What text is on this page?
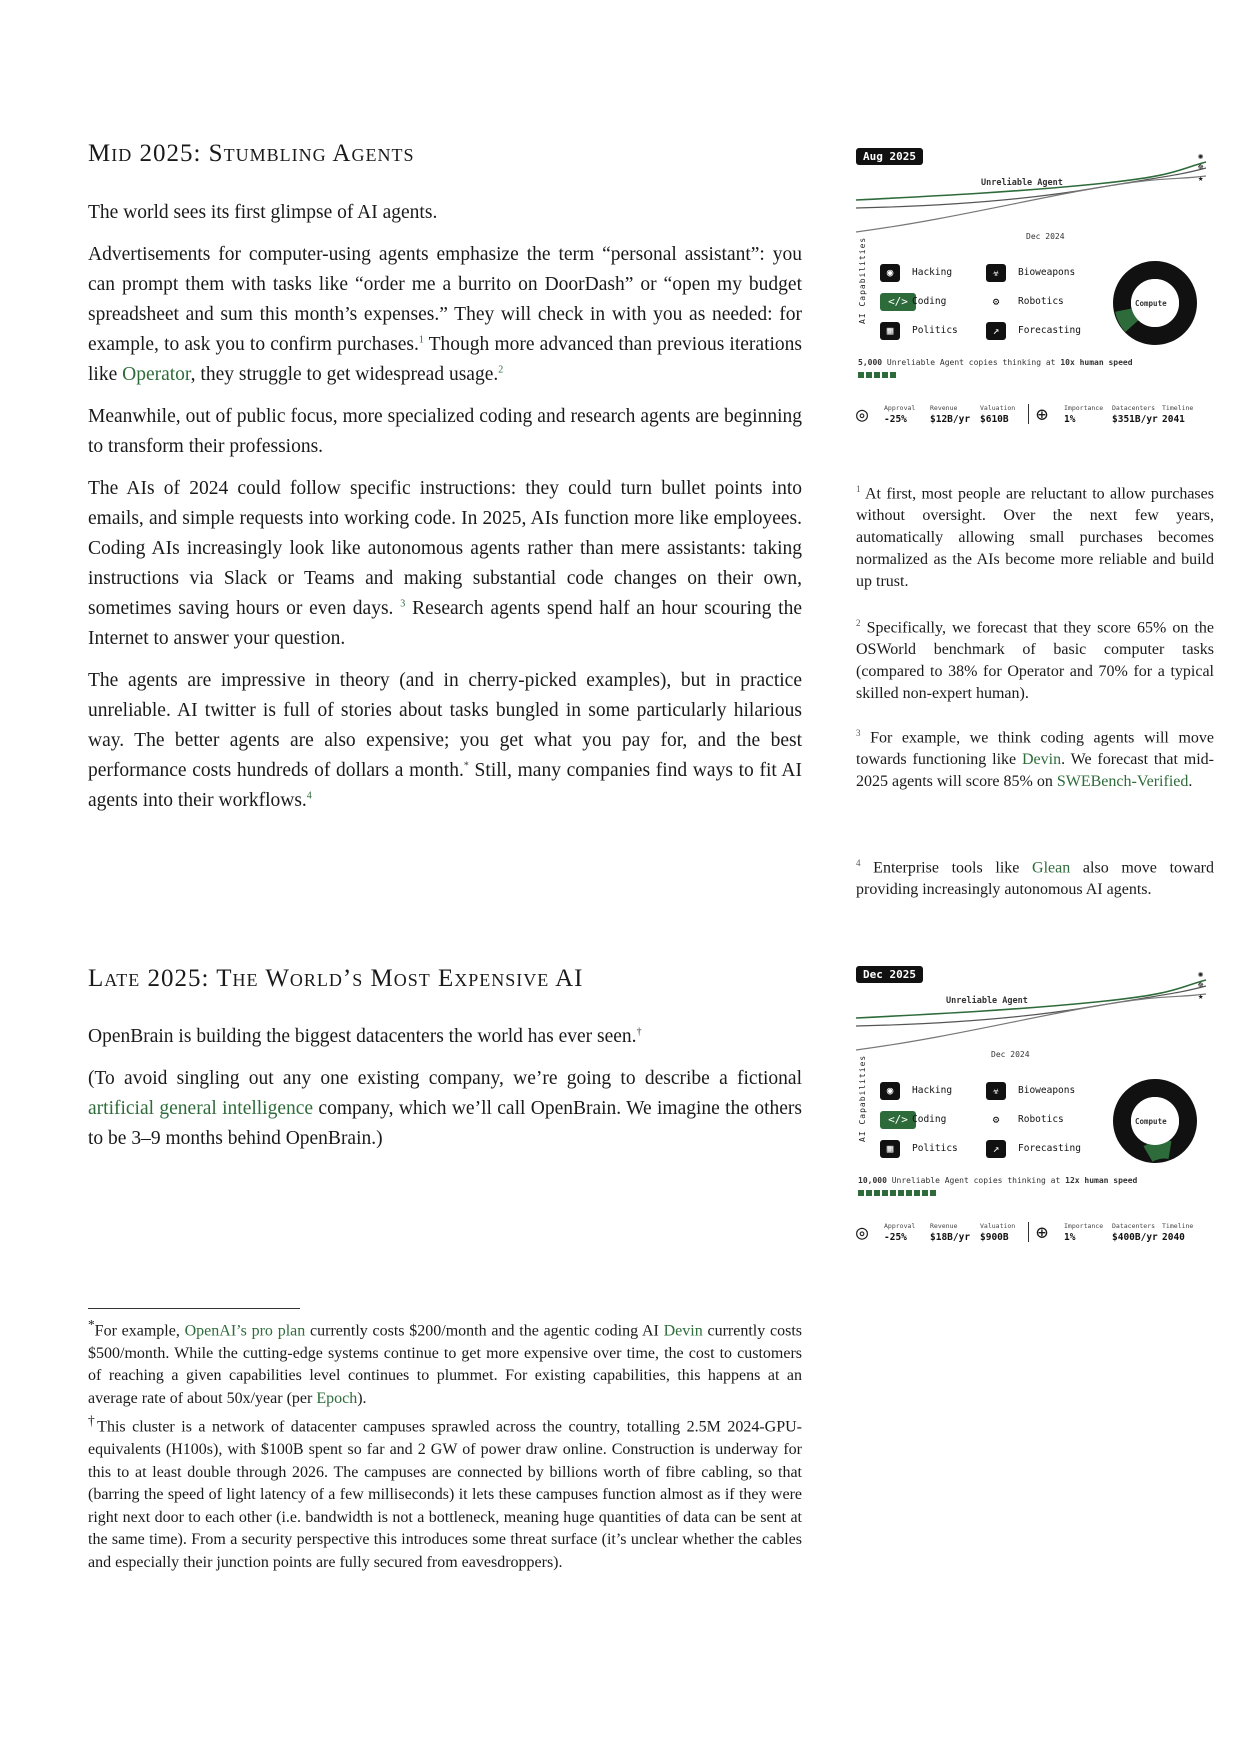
Mid 2025: Stumbling Agents

The world sees its first glimpse of AI agents.

Advertisements for computer-using agents emphasize the term “personal assistant”: you can prompt them with tasks like “order me a burrito on DoorDash” or “open my budget spreadsheet and sum this month’s expenses.” They will check in with you as needed: for example, to ask you to confirm purchases.$^1$ Though more advanced than previous iterations like Operator, they struggle to get widespread usage.$^2$

Meanwhile, out of public focus, more specialized coding and research agents are beginning to transform their professions.

The AIs of 2024 could follow specific instructions: they could turn bullet points into emails, and simple requests into working code. In 2025, AIs function more like employees. Coding AIs increasingly look like autonomous agents rather than mere assistants: taking instructions via Slack or Teams and making substantial code changes on their own, sometimes saving hours or even days. $^3$ Research agents spend half an hour scouring the Internet to answer your question.

The agents are impressive in theory (and in cherry-picked examples), but in practice unreliable. AI twitter is full of stories about tasks bungled in some particularly hilarious way. The better agents are also expensive; you get what you pay for, and the best performance costs hundreds of dollars a month.* Still, many companies find ways to fit AI agents into their workflows.$^4$

$^1$ At first, most people are reluctant to allow purchases without oversight. Over the next few years, automatically allowing small purchases becomes normalized as the AIs become more reliable and build up trust.

$^2$ Specifically, we forecast that they score 65% on the OSWorld benchmark of basic computer tasks (compared to 38% for Operator and 70% for a typical skilled non-expert human).

$^3$ For example, we think coding agents will move towards functioning like Devin. We forecast that mid-2025 agents will score 85% on SWEBench-Verified.

$^4$ Enterprise tools like Glean also move toward providing increasingly autonomous AI agents.

Late 2025: The World’s Most Expensive AI

OpenBrain is building the biggest datacenters the world has ever seen.†

(To avoid singling out any one existing company, we’re going to describe a fictional artificial general intelligence company, which we’ll call OpenBrain. We imagine the others to be 3–9 months behind OpenBrain.)

*For example, OpenAI’s pro plan currently costs $200/month and the agentic coding AI Devin currently costs $500/month. While the cutting-edge systems continue to get more expensive over time, the cost to customers of reaching a given capabilities level continues to plummet. For existing capabilities, this happens at an average rate of about 50x/year (per Epoch).

†This cluster is a network of datacenter campuses sprawled across the country, totalling 2.5M 2024-GPU-equivalents (H100s), with $100B spent so far and 2 GW of power draw online. Construction is underway for this to at least double through 2026. The campuses are connected by billions worth of fibre cabling, so that (barring the speed of light latency of a few milliseconds) it lets these campuses function almost as if they were right next door to each other (i.e. bandwidth is not a bottleneck, meaning huge quantities of data can be sent at the same time). From a security perspective this introduces some threat surface (it’s unclear whether the cables and especially their junction points are fully secured from eavesdroppers).

Aug 2025	✺
☸
★
Unreliable Agent
Dec 2024
AI Capabilities	◉	Hacking
</> Coding
▦	Politics
☣	Bioweapons
⚙	Robotics
↗	Forecasting
Compute
5,000 Unreliable Agent copies thinking at 10x human speed
◎	⊕
Approval
-25%
Revenue
$12B/yr
Valuation
$610B
Importance
1%
Datacenters
$351B/yr
Timeline
2041
Dec 2025	✺
☸
★
Unreliable Agent
Dec 2024
AI Capabilities	◉	Hacking
</> Coding
▦	Politics
☣	Bioweapons
⚙	Robotics
↗	Forecasting
Compute
10,000 Unreliable Agent copies thinking at 12x human speed
◎	⊕
Approval
-25%
Revenue
$18B/yr
Valuation
$900B
Importance
1%
Datacenters
$400B/yr
Timeline
2040
